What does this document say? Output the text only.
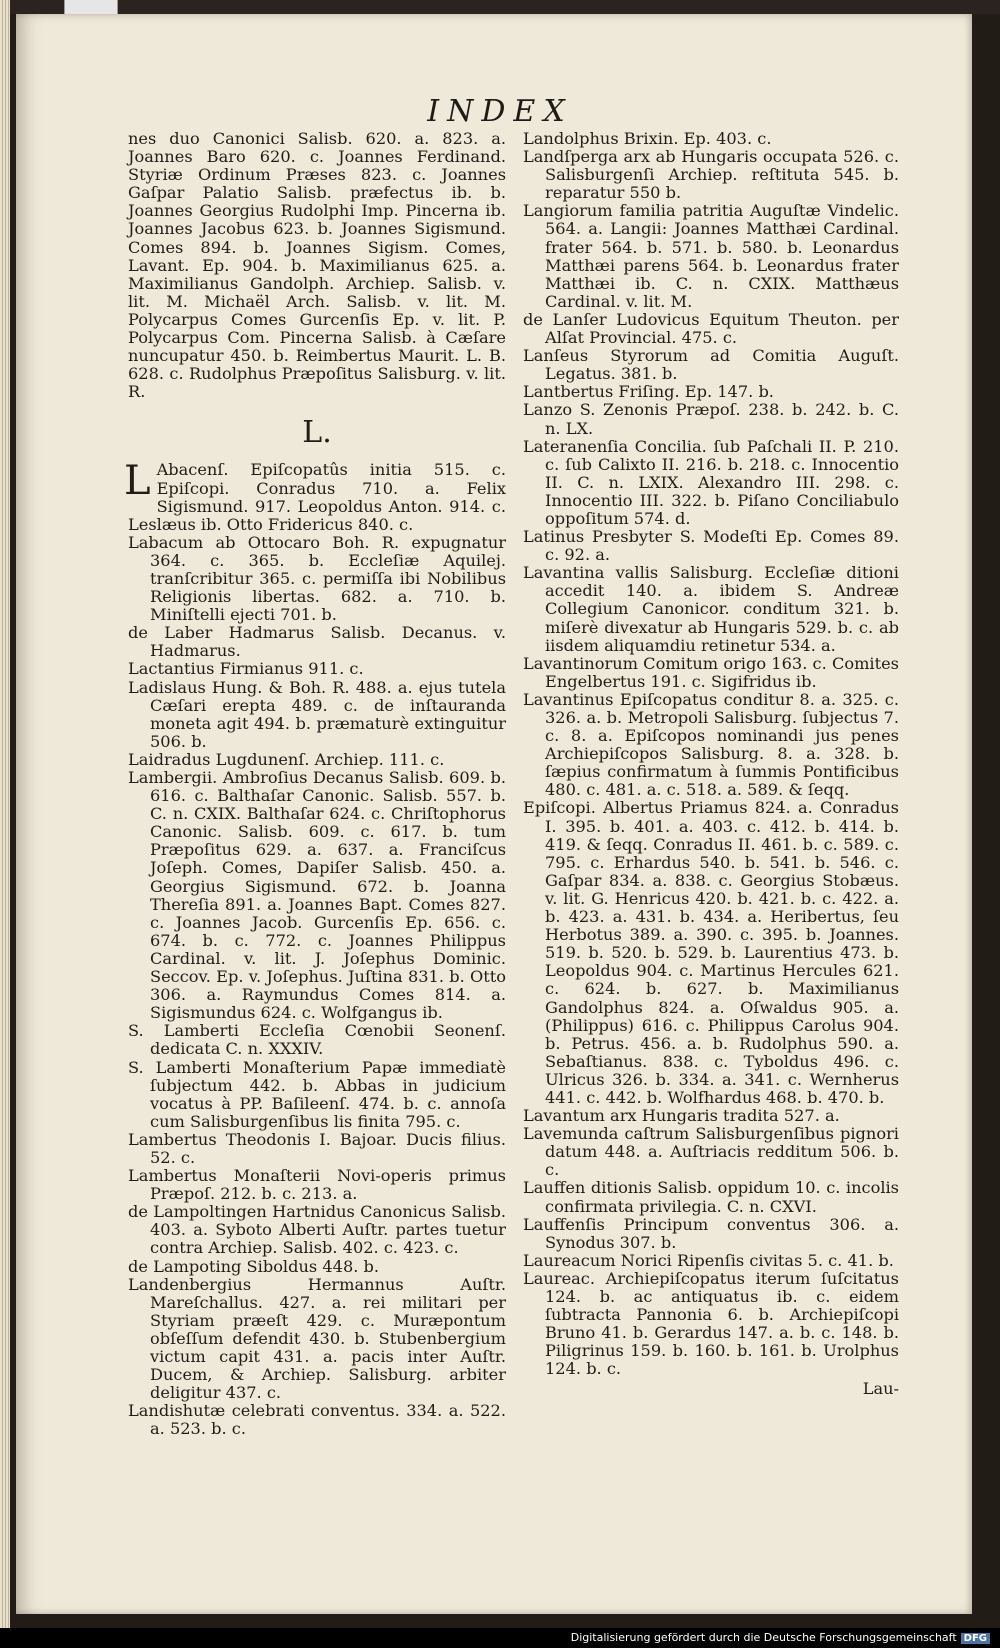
INDEX

nes duo Canonici Salisb. 620. a. 823. a. Joannes Baro 620. c. Joannes Ferdinand. Styriæ Ordinum Præses 823. c. Joannes Gaſpar Palatio Salisb. præfectus ib. b. Joannes Georgius Rudolphi Imp. Pincerna ib. Joannes Jacobus 623. b. Joannes Sigismund. Comes 894. b. Joannes Sigism. Comes, Lavant. Ep. 904. b. Maximilianus 625. a. Maximilianus Gandolph. Archiep. Salisb. v. lit. M. Michaël Arch. Salisb. v. lit. M. Polycarpus Comes Gurcenſis Ep. v. lit. P. Polycarpus Com. Pincerna Salisb. à Cæſare nuncupatur 450. b. Reimbertus Maurit. L. B. 628. c. Rudolphus Præpoſitus Salisburg. v. lit. R.

L.

L Abacenſ. Epiſcopatûs initia 515. c. Epiſcopi. Conradus 710. a. Felix Sigismund. 917. Leopoldus Anton. 914. c. Leslæus ib. Otto Fridericus 840. c.

Labacum ab Ottocaro Boh. R. expugnatur 364. c. 365. b. Eccleſiæ Aquilej. tranſcribitur 365. c. permiſſa ibi Nobilibus Religionis libertas. 682. a. 710. b. Miniſtelli ejecti 701. b.

de Laber Hadmarus Salisb. Decanus. v. Hadmarus.

Lactantius Firmianus 911. c.

Ladislaus Hung. & Boh. R. 488. a. ejus tutela Cæſari erepta 489. c. de inſtauranda moneta agit 494. b. præmaturè extinguitur 506. b.

Laidradus Lugdunenſ. Archiep. 111. c.

Lambergii. Ambroſius Decanus Salisb. 609. b. 616. c. Balthaſar Canonic. Salisb. 557. b. C. n. CXIX. Balthaſar 624. c. Chriſtophorus Canonic. Salisb. 609. c. 617. b. tum Præpoſitus 629. a. 637. a. Franciſcus Joſeph. Comes, Dapiſer Salisb. 450. a. Georgius Sigismund. 672. b. Joanna Thereſia 891. a. Joannes Bapt. Comes 827. c. Joannes Jacob. Gurcenſis Ep. 656. c. 674. b. c. 772. c. Joannes Philippus Cardinal. v. lit. J. Joſephus Dominic. Seccov. Ep. v. Joſephus. Juſtina 831. b. Otto 306. a. Raymundus Comes 814. a. Sigismundus 624. c. Wolfgangus ib.

S. Lamberti Eccleſia Cœnobii Seonenſ. dedicata C. n. XXXIV.

S. Lamberti Monaſterium Papæ immediatè ſubjectum 442. b. Abbas in judicium vocatus à PP. Baſileenſ. 474. b. c. annoſa cum Salisburgenſibus lis finita 795. c.

Lambertus Theodonis I. Bajoar. Ducis filius. 52. c.

Lambertus Monaſterii Novi-operis primus Præpoſ. 212. b. c. 213. a.

de Lampoltingen Hartnidus Canonicus Salisb. 403. a. Syboto Alberti Auſtr. partes tuetur contra Archiep. Salisb. 402. c. 423. c.

de Lampoting Siboldus 448. b.

Landenbergius Hermannus Auſtr. Mareſchallus. 427. a. rei militari per Styriam præeſt 429. c. Muræpontum obſeſſum defendit 430. b. Stubenbergium victum capit 431. a. pacis inter Auſtr. Ducem, & Archiep. Salisburg. arbiter deligitur 437. c.

Landishutæ celebrati conventus. 334. a. 522. a. 523. b. c.

Landolphus Brixin. Ep. 403. c.

Landſperga arx ab Hungaris occupata 526. c. Salisburgenſi Archiep. reſtituta 545. b. reparatur 550 b.

Langiorum familia patritia Auguſtæ Vindelic. 564. a. Langii: Joannes Matthæi Cardinal. frater 564. b. 571. b. 580. b. Leonardus Matthæi parens 564. b. Leonardus frater Matthæi ib. C. n. CXIX. Matthæus Cardinal. v. lit. M.

de Lanſer Ludovicus Equitum Theuton. per Alſat Provincial. 475. c.

Lanſeus Styrorum ad Comitia Auguſt. Legatus. 381. b.

Lantbertus Friſing. Ep. 147. b.

Lanzo S. Zenonis Præpoſ. 238. b. 242. b. C. n. LX.

Lateranenſia Concilia. ſub Paſchali II. P. 210. c. ſub Calixto II. 216. b. 218. c. Innocentio II. C. n. LXIX. Alexandro III. 298. c. Innocentio III. 322. b. Piſano Conciliabulo oppoſitum 574. d.

Latinus Presbyter S. Modeſti Ep. Comes 89. c. 92. a.

Lavantina vallis Salisburg. Eccleſiæ ditioni accedit 140. a. ibidem S. Andreæ Collegium Canonicor. conditum 321. b. miſerè divexatur ab Hungaris 529. b. c. ab iisdem aliquamdiu retinetur 534. a.

Lavantinorum Comitum origo 163. c. Comites Engelbertus 191. c. Sigifridus ib.

Lavantinus Epiſcopatus conditur 8. a. 325. c. 326. a. b. Metropoli Salisburg. ſubjectus 7. c. 8. a. Epiſcopos nominandi jus penes Archiepiſcopos Salisburg. 8. a. 328. b. ſæpius confirmatum à ſummis Pontificibus 480. c. 481. a. c. 518. a. 589. & ſeqq.

Epiſcopi. Albertus Priamus 824. a. Conradus I. 395. b. 401. a. 403. c. 412. b. 414. b. 419. & ſeqq. Conradus II. 461. b. c. 589. c. 795. c. Erhardus 540. b. 541. b. 546. c. Gaſpar 834. a. 838. c. Georgius Stobæus. v. lit. G. Henricus 420. b. 421. b. c. 422. a. b. 423. a. 431. b. 434. a. Heribertus, ſeu Herbotus 389. a. 390. c. 395. b. Joannes. 519. b. 520. b. 529. b. Laurentius 473. b. Leopoldus 904. c. Martinus Hercules 621. c. 624. b. 627. b. Maximilianus Gandolphus 824. a. Oſwaldus 905. a. (Philippus) 616. c. Philippus Carolus 904. b. Petrus. 456. a. b. Rudolphus 590. a. Sebaſtianus. 838. c. Tyboldus 496. c. Ulricus 326. b. 334. a. 341. c. Wernherus 441. c. 442. b. Wolfhardus 468. b. 470. b.

Lavantum arx Hungaris tradita 527. a.

Lavemunda caſtrum Salisburgenſibus pignori datum 448. a. Auſtriacis redditum 506. b. c.

Lauffen ditionis Salisb. oppidum 10. c. incolis confirmata privilegia. C. n. CXVI.

Lauffenſis Principum conventus 306. a. Synodus 307. b.

Laureacum Norici Ripenſis civitas 5. c. 41. b.

Laureac. Archiepiſcopatus iterum ſuſcitatus 124. b. ac antiquatus ib. c. eidem ſubtracta Pannonia 6. b. Archiepiſcopi Bruno 41. b. Gerardus 147. a. b. c. 148. b. Piligrinus 159. b. 160. b. 161. b. Urolphus 124. b. c.

Lau-
Digitalisierung gefördert durch die Deutsche Forschungsgemeinschaft DFG
